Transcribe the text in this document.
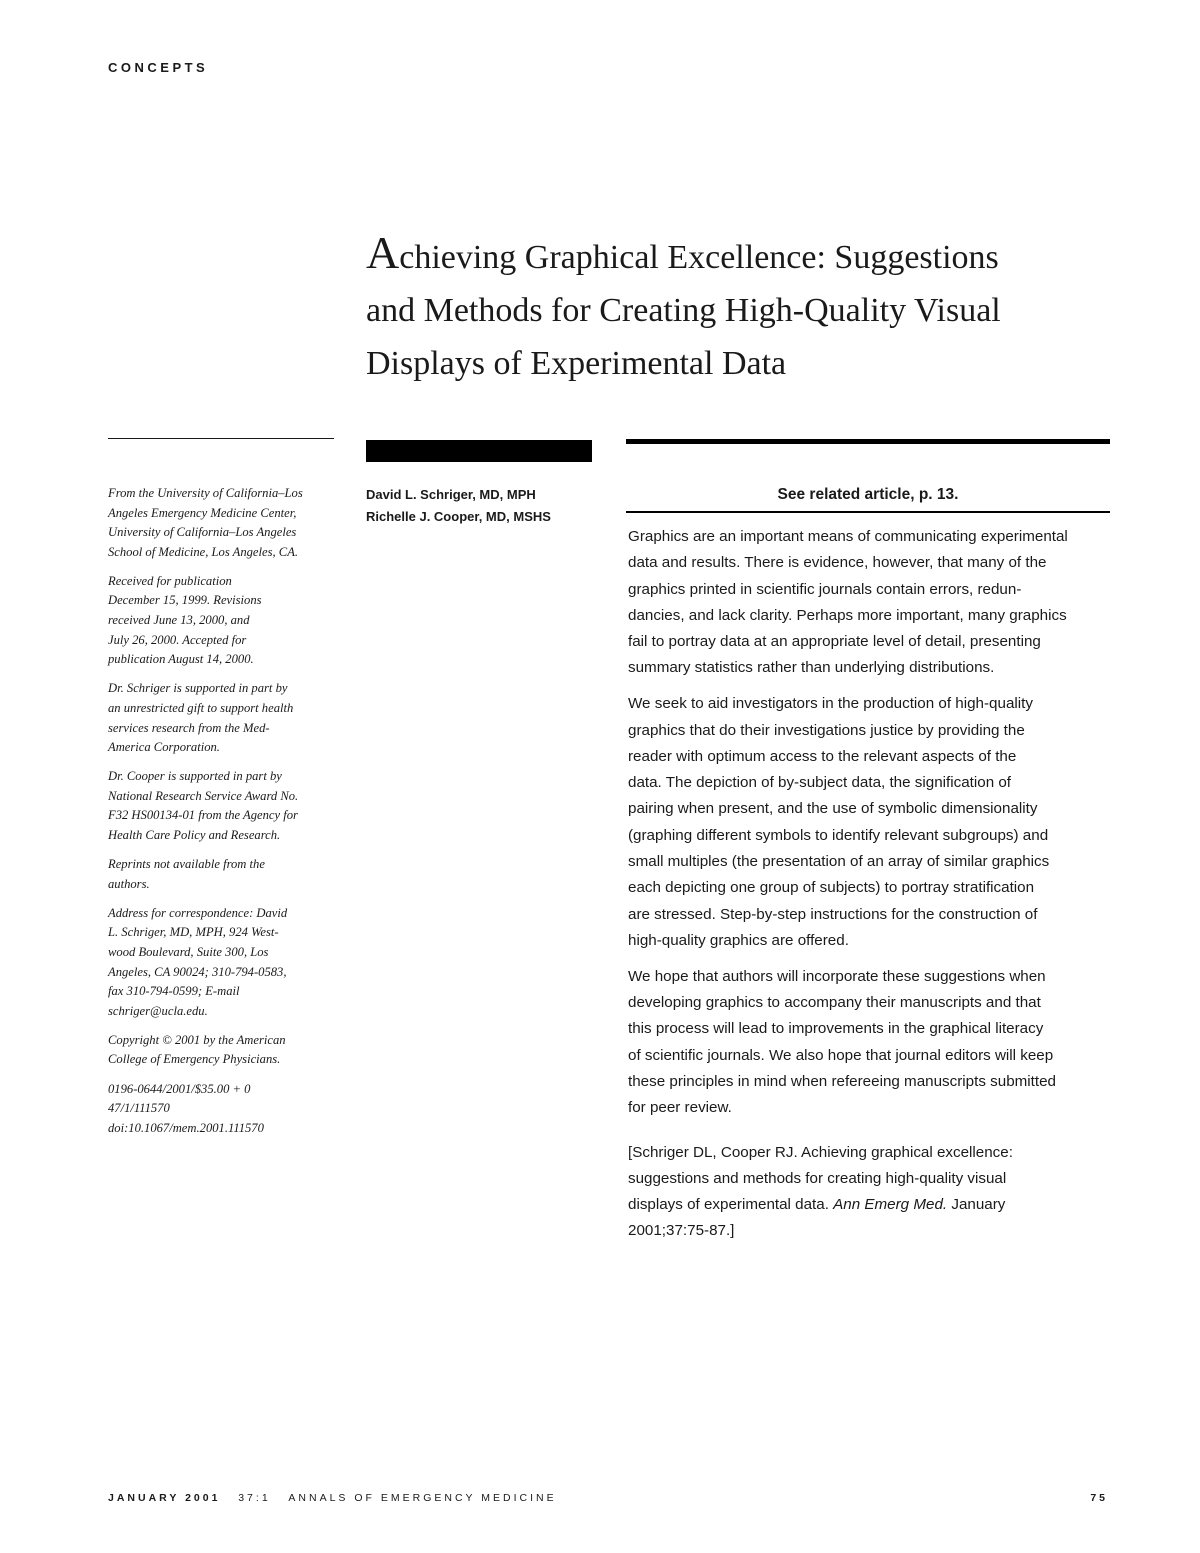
CONCEPTS
Achieving Graphical Excellence: Suggestions
and Methods for Creating High-Quality Visual
Displays of Experimental Data

From the University of California–Los
Angeles Emergency Medicine Center,
University of California–Los Angeles
School of Medicine, Los Angeles, CA.

Received for publication
December 15, 1999. Revisions
received June 13, 2000, and
July 26, 2000. Accepted for
publication August 14, 2000.

Dr. Schriger is supported in part by
an unrestricted gift to support health
services research from the Med-
America Corporation.

Dr. Cooper is supported in part by
National Research Service Award No.
F32 HS00134-01 from the Agency for
Health Care Policy and Research.

Reprints not available from the
authors.

Address for correspondence: David
L. Schriger, MD, MPH, 924 West-
wood Boulevard, Suite 300, Los
Angeles, CA 90024; 310-794-0583,
fax 310-794-0599; E-mail
schriger@ucla.edu.

Copyright © 2001 by the American
College of Emergency Physicians.

0196-0644/2001/$35.00 + 0
47/1/111570
doi:10.1067/mem.2001.111570

David L. Schriger, MD, MPH
Richelle J. Cooper, MD, MSHS
See related article, p. 13.

Graphics are an important means of communicating experimental
data and results. There is evidence, however, that many of the
graphics printed in scientific journals contain errors, redun-
dancies, and lack clarity. Perhaps more important, many graphics
fail to portray data at an appropriate level of detail, presenting
summary statistics rather than underlying distributions.

We seek to aid investigators in the production of high-quality
graphics that do their investigations justice by providing the
reader with optimum access to the relevant aspects of the
data. The depiction of by-subject data, the signification of
pairing when present, and the use of symbolic dimensionality
(graphing different symbols to identify relevant subgroups) and
small multiples (the presentation of an array of similar graphics
each depicting one group of subjects) to portray stratification
are stressed. Step-by-step instructions for the construction of
high-quality graphics are offered.

We hope that authors will incorporate these suggestions when
developing graphics to accompany their manuscripts and that
this process will lead to improvements in the graphical literacy
of scientific journals. We also hope that journal editors will keep
these principles in mind when refereeing manuscripts submitted
for peer review.

[Schriger DL, Cooper RJ. Achieving graphical excellence:
suggestions and methods for creating high-quality visual
displays of experimental data. Ann Emerg Med. January
2001;37:75-87.]

JANUARY 2001 37:1 ANNALS OF EMERGENCY MEDICINE	75
